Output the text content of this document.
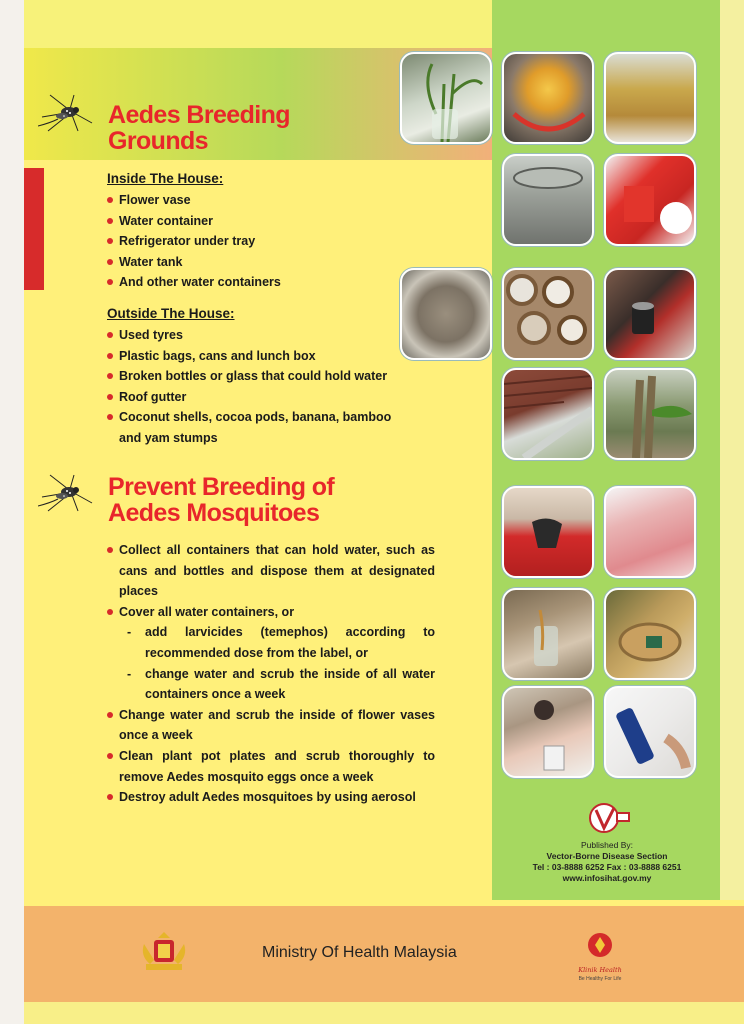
Aedes Breeding
Grounds
Inside The House:
Flower vase
Water container
Refrigerator under tray
Water tank
And other water containers
Outside The House:
Used tyres
Plastic bags, cans and lunch box
Broken bottles or glass that could hold water
Roof gutter
Coconut shells, cocoa pods, banana, bamboo and yam stumps
Prevent Breeding of
Aedes Mosquitoes
Collect all containers that can hold water, such as cans and bottles and dispose them at designated places
Cover all water containers, or
- add larvicides (temephos) according to recommended dose from the label, or
- change water and scrub the inside of all water containers once a week
Change water and scrub the inside of flower vases once a week
Clean plant pot plates and scrub thoroughly to remove Aedes mosquito eggs once a week
Destroy adult Aedes mosquitoes by using aerosol
Published By:
Vector-Borne Disease Section
Tel : 03-8888 6252 Fax : 03-8888 6251
www.infosihat.gov.my
Ministry Of Health Malaysia
Klinik Health
Be Healthy For Life
